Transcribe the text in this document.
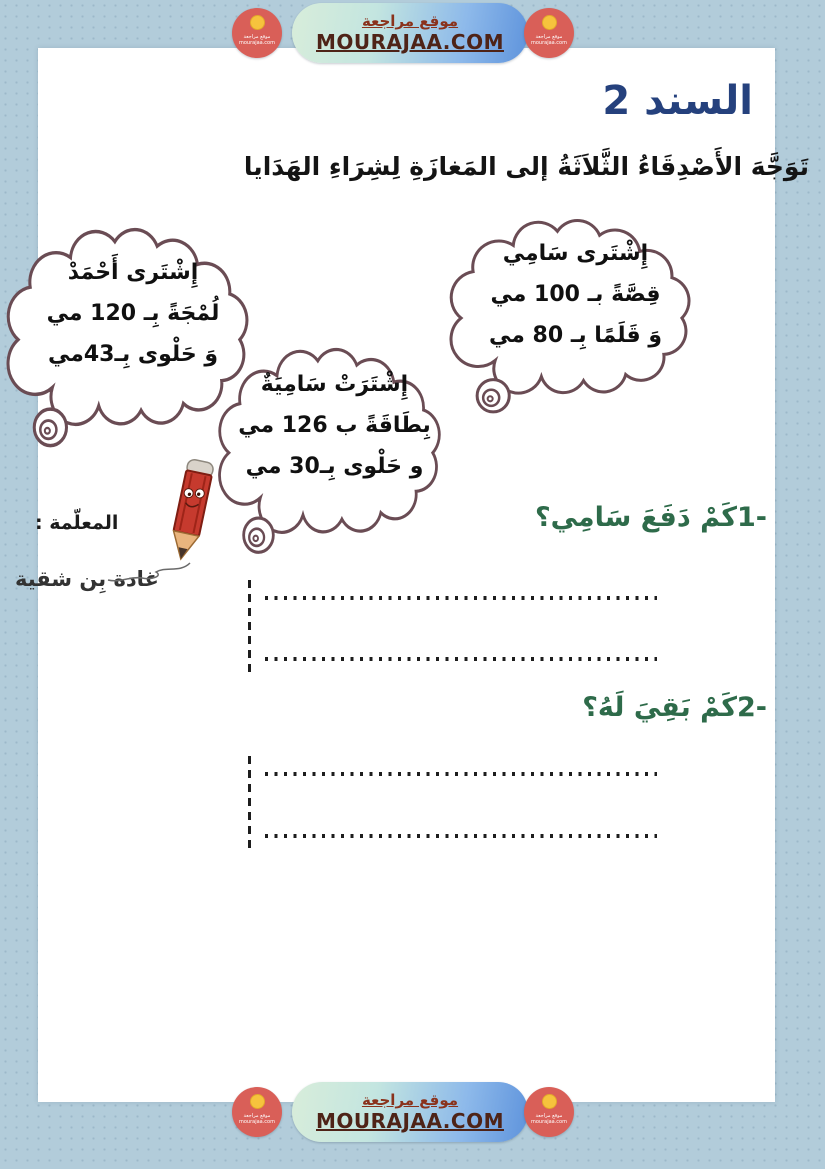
موقع مراجعة
mourajaa.com
موقع مراجعة
MOURAJAA.COM	موقع مراجعة
mourajaa.com
السند 2
تَوَجَّهَ الأَصْدِقَاءُ الثَّلاَثَةُ إلى المَغازَةِ لِشِرَاءِ الهَدَايا
إِشْتَرى أَحْمَدْ
لُمْجَةً بِـ 120 مي
وَ حَلْوى بِـ43مي
إِشْتَرَتْ سَامِيَةٌ
بِطَاقَةً ب 126 مي
و حَلْوى بِـ30 مي
إِشْتَرى سَامِي
قِصَّةً بـ 100 مي
وَ قَلَمًا بِـ 80 مي
المعلّمة :
غادة بِن شقية
1-كَمْ دَفَعَ سَامِي؟
2-كَمْ بَقِيَ لَهُ؟
موقع مراجعة
mourajaa.com
موقع مراجعة
MOURAJAA.COM	موقع مراجعة
mourajaa.com
